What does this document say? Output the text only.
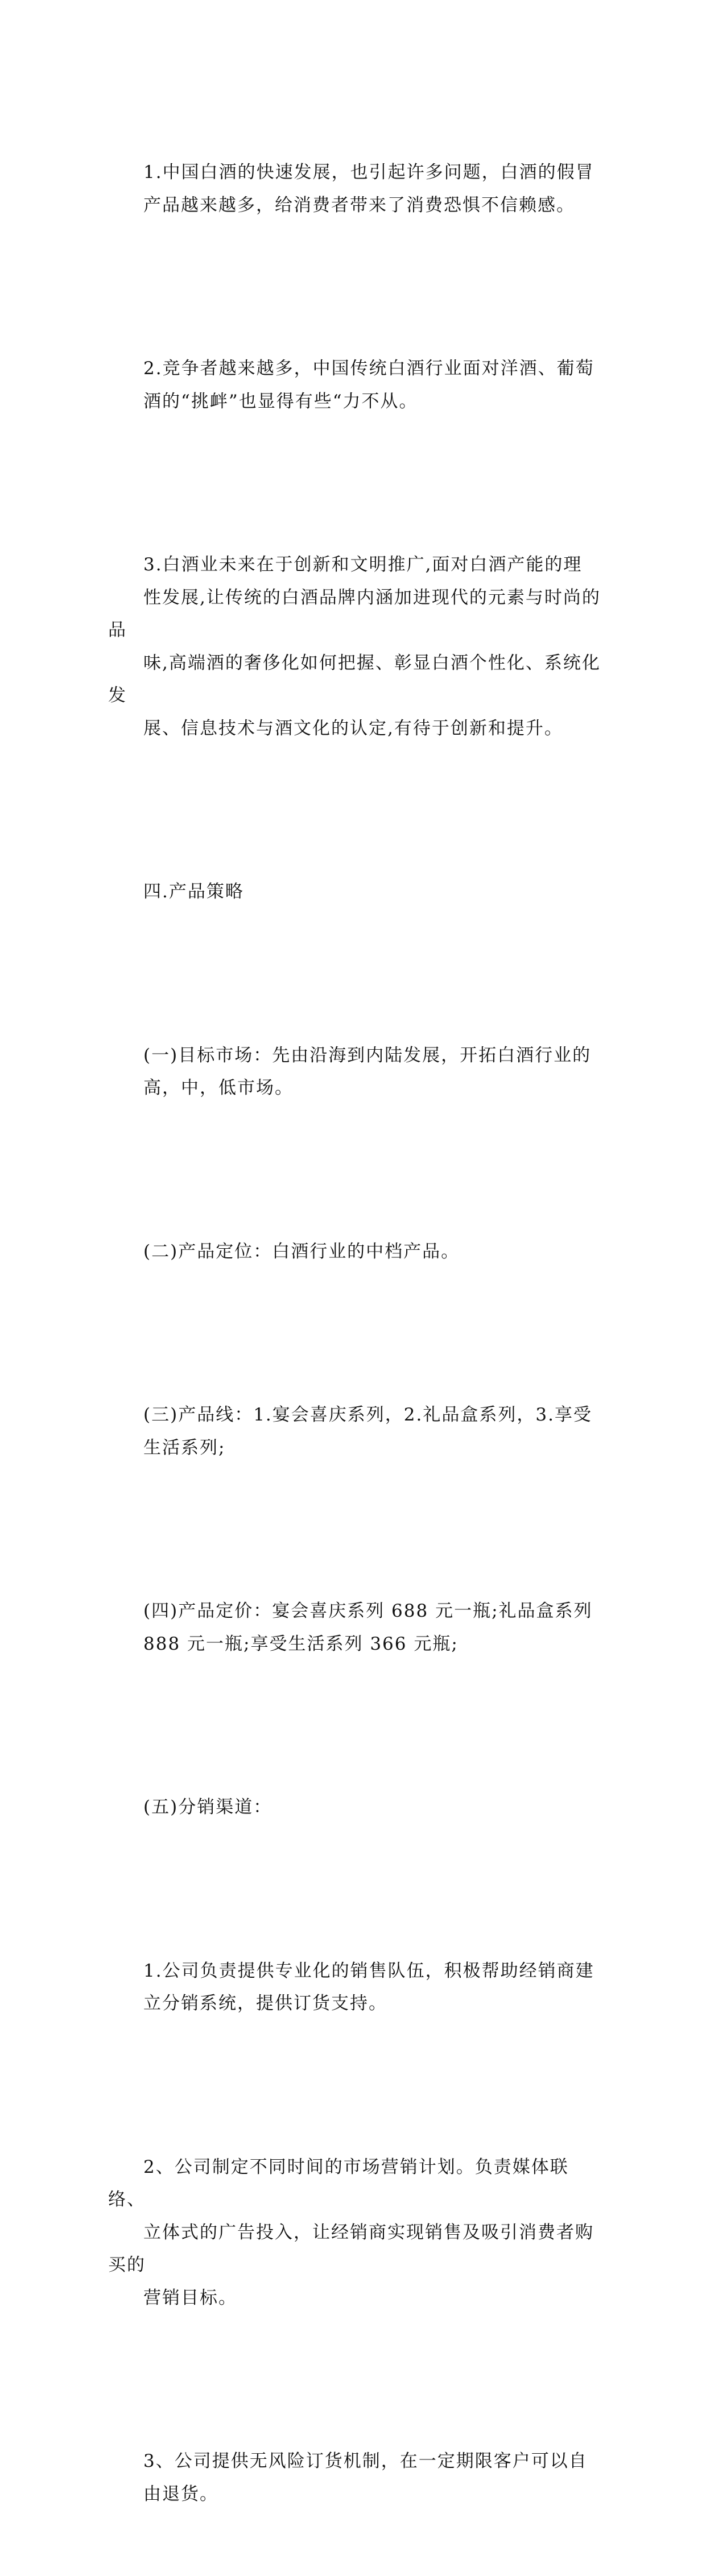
1.中国白酒的快速发展，也引起许多问题，白酒的假冒
产品越来越多，给消费者带来了消费恐惧不信赖感。

2.竞争者越来越多，中国传统白酒行业面对洋酒、葡萄
酒的“挑衅”也显得有些“力不从。

3.白酒业未来在于创新和文明推广,面对白酒产能的理
性发展,让传统的白酒品牌内涵加进现代的元素与时尚的品
味,高端酒的奢侈化如何把握、彰显白酒个性化、系统化发
展、信息技术与酒文化的认定,有待于创新和提升。

四.产品策略

(一)目标市场：先由沿海到内陆发展，开拓白酒行业的
高，中，低市场。

(二)产品定位：白酒行业的中档产品。

(三)产品线：1.宴会喜庆系列，2.礼品盒系列，3.享受
生活系列;

(四)产品定价：宴会喜庆系列 688 元一瓶;礼品盒系列
888 元一瓶;享受生活系列 366 元瓶;

(五)分销渠道：

1.公司负责提供专业化的销售队伍，积极帮助经销商建
立分销系统，提供订货支持。

2、公司制定不同时间的市场营销计划。负责媒体联络、
立体式的广告投入，让经销商实现销售及吸引消费者购买的
营销目标。

3、公司提供无风险订货机制，在一定期限客户可以自
由退货。
